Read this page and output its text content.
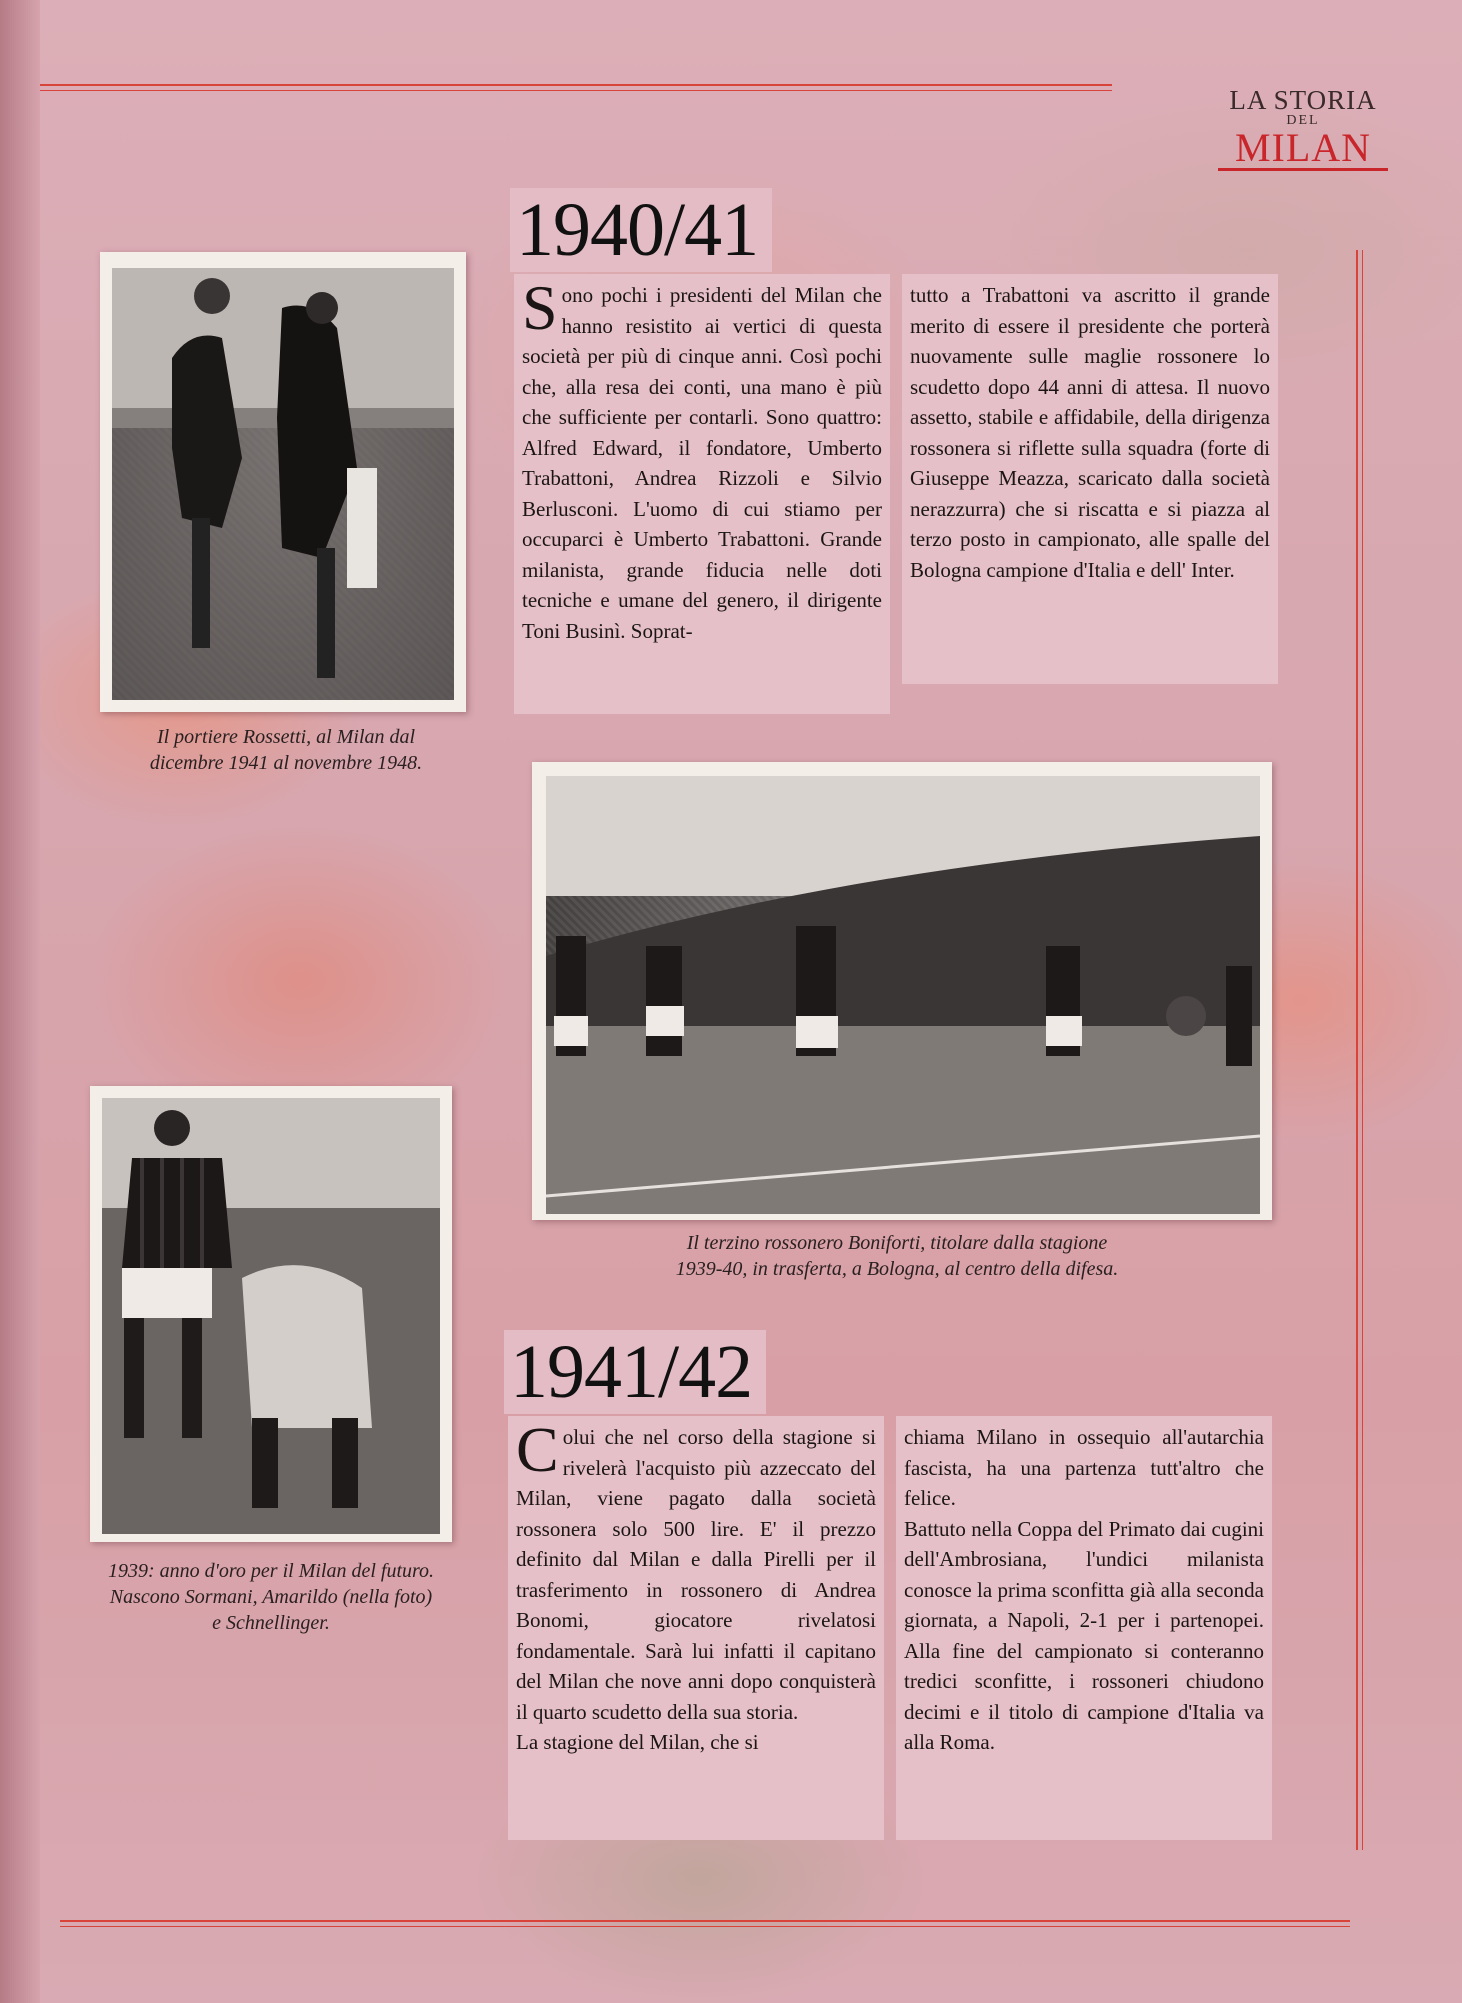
LA STORIA
DEL
MILAN
Il portiere Rossetti, al Milan dal
dicembre 1941 al novembre 1948.
1940/41
S ono pochi i presidenti del Milan che hanno resistito ai vertici di questa società per più di cinque anni. Così pochi che, alla resa dei conti, una mano è più che sufficiente per contarli. Sono quattro: Alfred Edward, il fondatore, Umberto Trabattoni, Andrea Rizzoli e Silvio Berlusconi. L'uomo di cui stiamo per occuparci è Umberto Trabattoni. Grande milanista, grande fiducia nelle doti tecniche e umane del genero, il dirigente Toni Businì. Soprat-
tutto a Trabattoni va ascritto il grande merito di essere il presidente che porterà nuovamente sulle maglie rossonere lo scudetto dopo 44 anni di attesa. Il nuovo assetto, stabile e affidabile, della dirigenza rossonera si riflette sulla squadra (forte di Giuseppe Meazza, scaricato dalla società nerazzurra) che si riscatta e si piazza al terzo posto in campionato, alle spalle del Bologna campione d'Italia e dell' Inter.
Il terzino rossonero Boniforti, titolare dalla stagione
1939-40, in trasferta, a Bologna, al centro della difesa.
1939: anno d'oro per il Milan del futuro.
Nascono Sormani, Amarildo (nella foto)
e Schnellinger.
1941/42
C olui che nel corso della stagione si rivelerà l'acquisto più azzeccato del Milan, viene pagato dalla società rossonera solo 500 lire. E' il prezzo definito dal Milan e dalla Pirelli per il trasferimento in rossonero di Andrea Bonomi, giocatore rivelatosi fondamentale. Sarà lui infatti il capitano del Milan che nove anni dopo conquisterà il quarto scudetto della sua storia.
La stagione del Milan, che si
chiama Milano in ossequio all'autarchia fascista, ha una partenza tutt'altro che felice.
Battuto nella Coppa del Primato dai cugini dell'Ambrosiana, l'undici milanista conosce la prima sconfitta già alla seconda giornata, a Napoli, 2-1 per i partenopei. Alla fine del campionato si conteranno tredici sconfitte, i rossoneri chiudono decimi e il titolo di campione d'Italia va alla Roma.
